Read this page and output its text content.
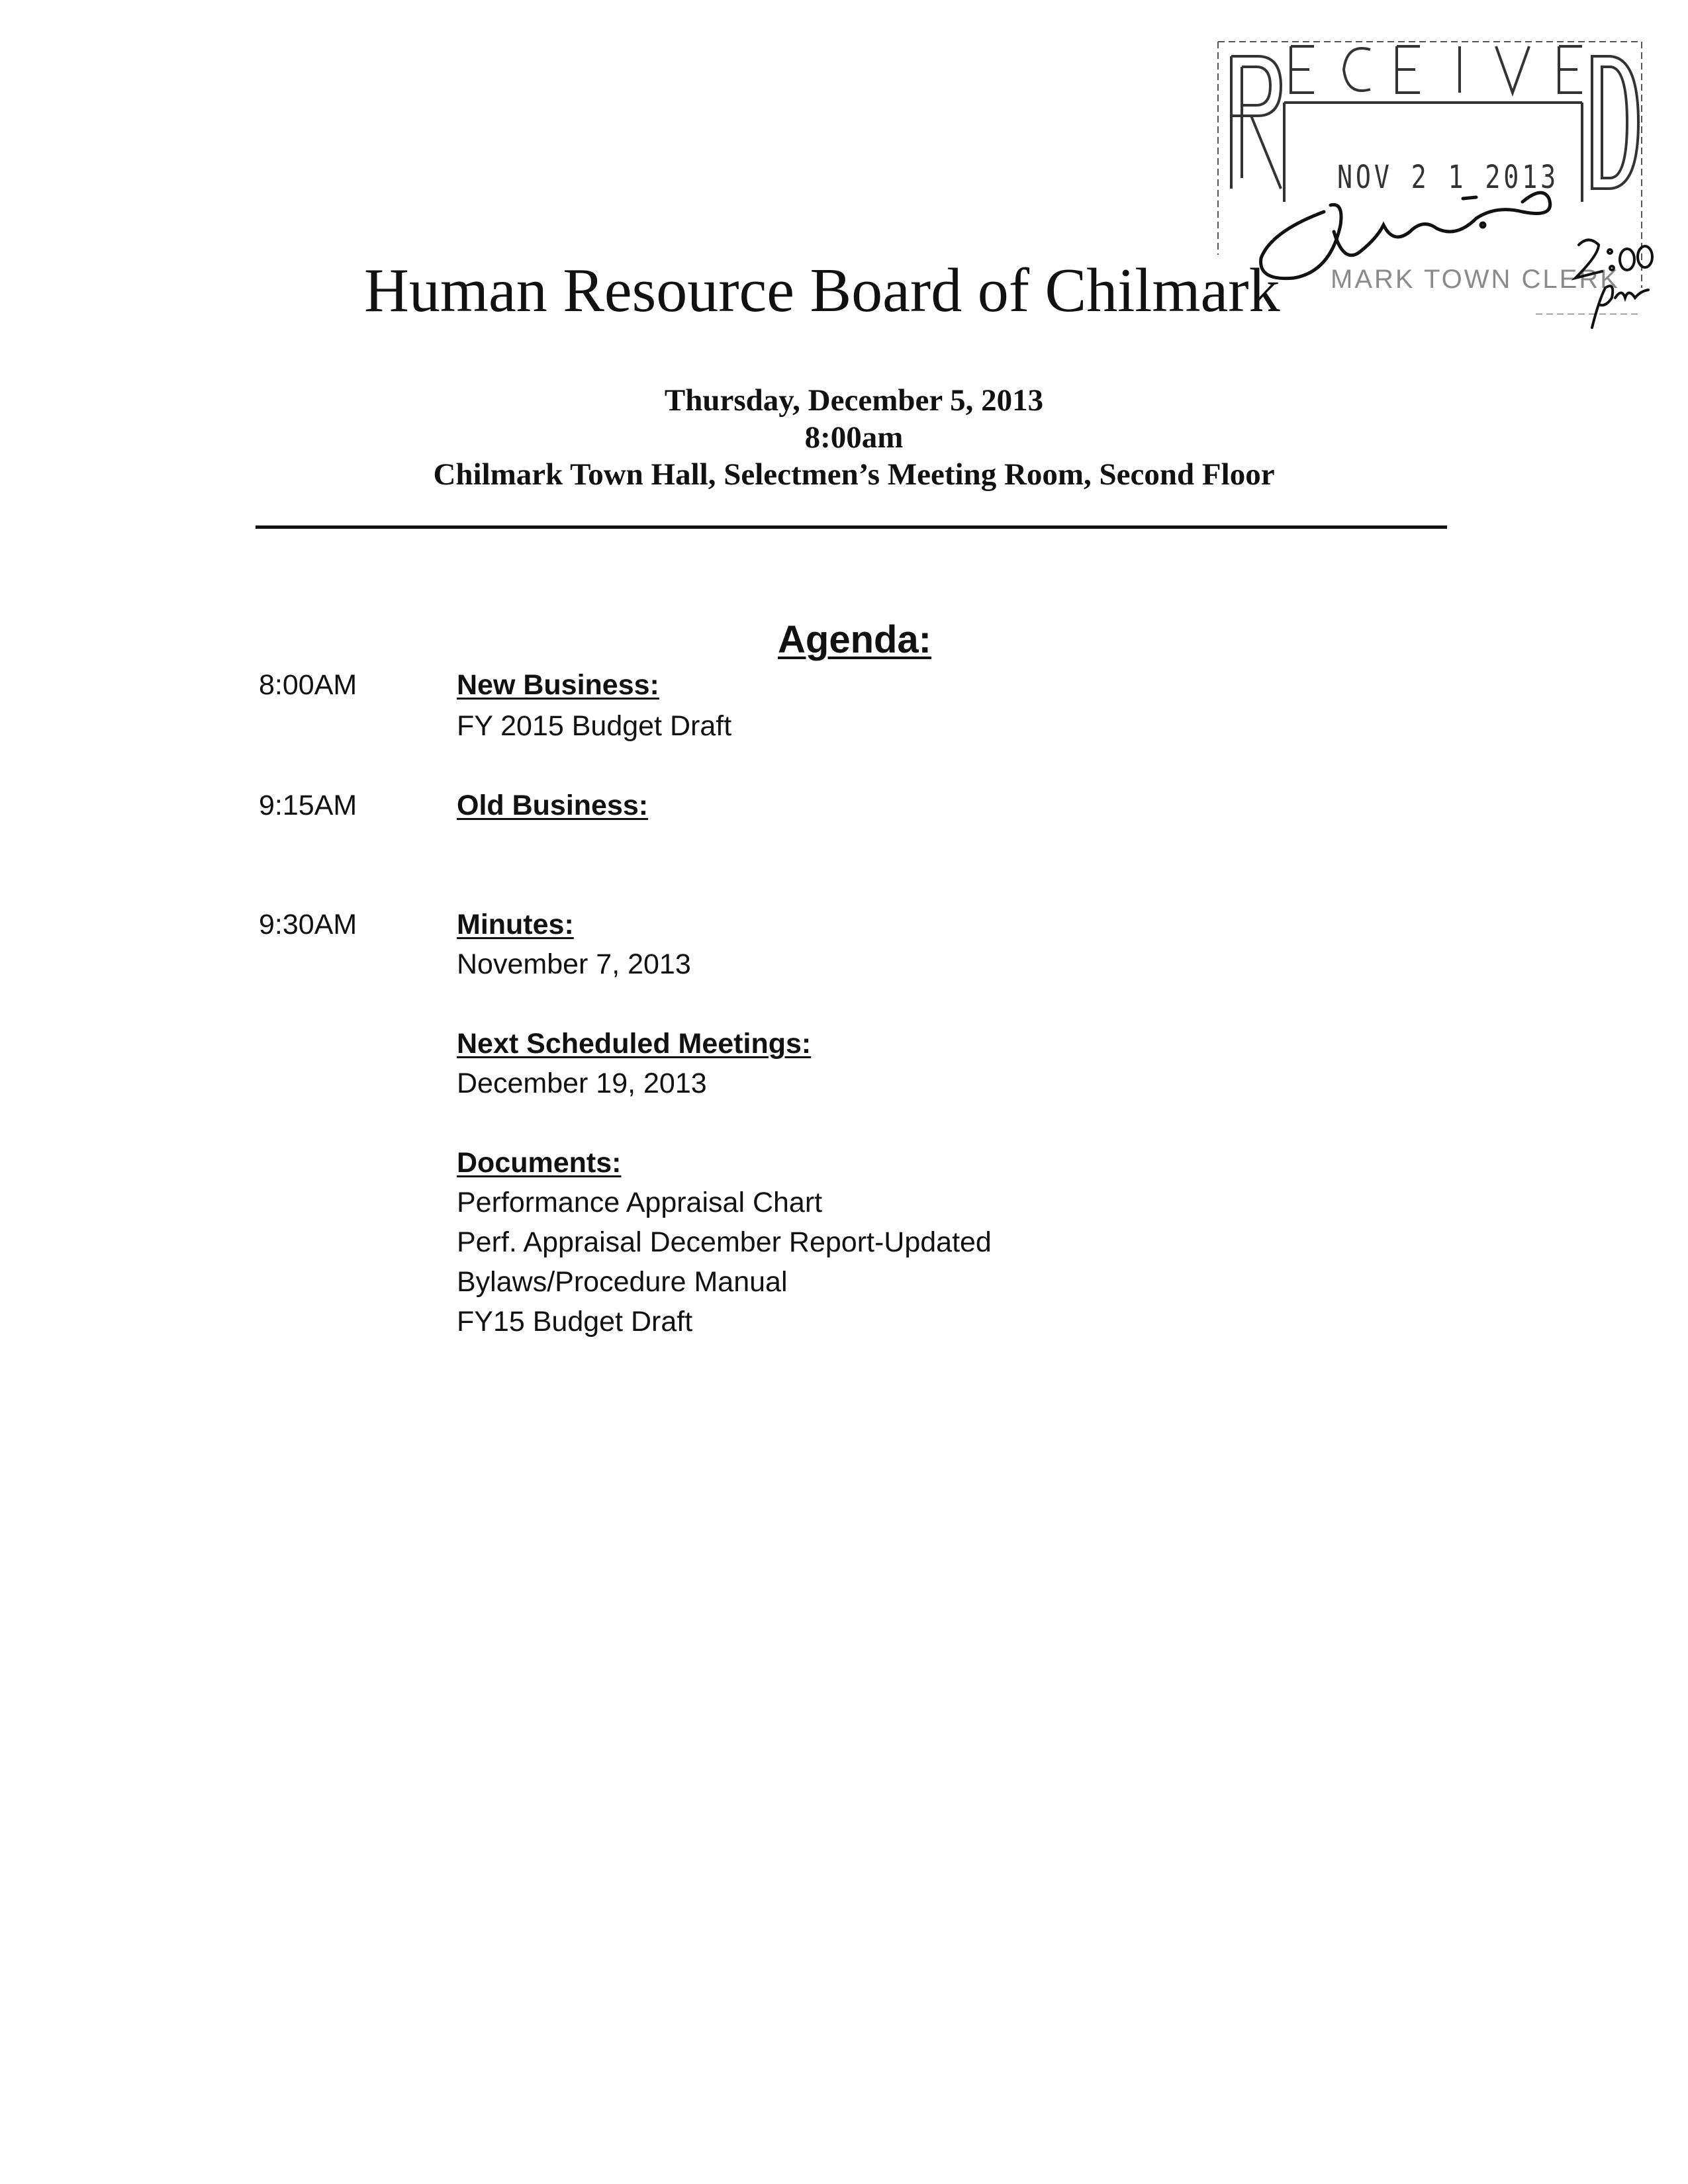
NOV 2 1 2013
MARK TOWN CLERK
Human Resource Board of Chilmark
Thursday, December 5, 2013
8:00am
Chilmark Town Hall, Selectmen’s Meeting Room, Second Floor
Agenda:
8:00AM	New Business:
FY 2015 Budget Draft
9:15AM	Old Business:
9:30AM	Minutes:
November 7, 2013
Next Scheduled Meetings:
December 19, 2013
Documents:
Performance Appraisal Chart
Perf. Appraisal December Report-Updated
Bylaws/Procedure Manual
FY15 Budget Draft
